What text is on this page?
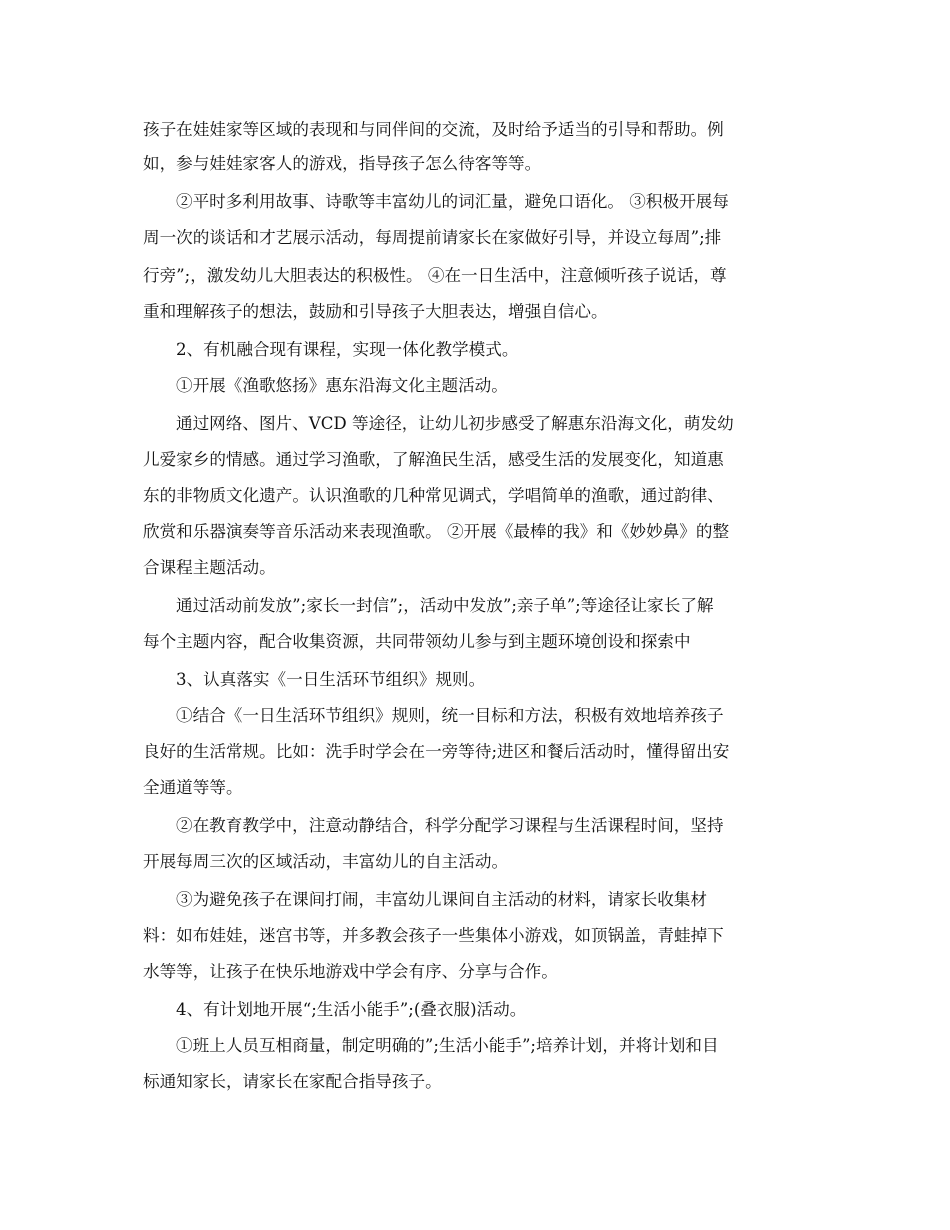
孩子在娃娃家等区域的表现和与同伴间的交流，及时给予适当的引导和帮助。例
如，参与娃娃家客人的游戏，指导孩子怎么待客等等。
②平时多利用故事、诗歌等丰富幼儿的词汇量，避免口语化。 ③积极开展每
周一次的谈话和才艺展示活动，每周提前请家长在家做好引导，并设立每周”;排
行旁”;，激发幼儿大胆表达的积极性。 ④在一日生活中，注意倾听孩子说话，尊
重和理解孩子的想法，鼓励和引导孩子大胆表达，增强自信心。
2、有机融合现有课程，实现一体化教学模式。
①开展《渔歌悠扬》惠东沿海文化主题活动。
通过网络、图片、VCD 等途径，让幼儿初步感受了解惠东沿海文化，萌发幼
儿爱家乡的情感。通过学习渔歌，了解渔民生活，感受生活的发展变化，知道惠
东的非物质文化遗产。认识渔歌的几种常见调式，学唱简单的渔歌，通过韵律、
欣赏和乐器演奏等音乐活动来表现渔歌。 ②开展《最棒的我》和《妙妙鼻》的整
合课程主题活动。
通过活动前发放”;家长一封信”;，活动中发放”;亲子单”;等途径让家长了解
每个主题内容，配合收集资源，共同带领幼儿参与到主题环境创设和探索中
3、认真落实《一日生活环节组织》规则。
①结合《一日生活环节组织》规则，统一目标和方法，积极有效地培养孩子
良好的生活常规。比如：洗手时学会在一旁等待;进区和餐后活动时，懂得留出安
全通道等等。
②在教育教学中，注意动静结合，科学分配学习课程与生活课程时间，坚持
开展每周三次的区域活动，丰富幼儿的自主活动。
③为避免孩子在课间打闹，丰富幼儿课间自主活动的材料，请家长收集材
料：如布娃娃，迷宫书等，并多教会孩子一些集体小游戏，如顶锅盖，青蛙掉下
水等等，让孩子在快乐地游戏中学会有序、分享与合作。
4、有计划地开展“;生活小能手”;(叠衣服)活动。
①班上人员互相商量，制定明确的”;生活小能手”;培养计划，并将计划和目
标通知家长，请家长在家配合指导孩子。
